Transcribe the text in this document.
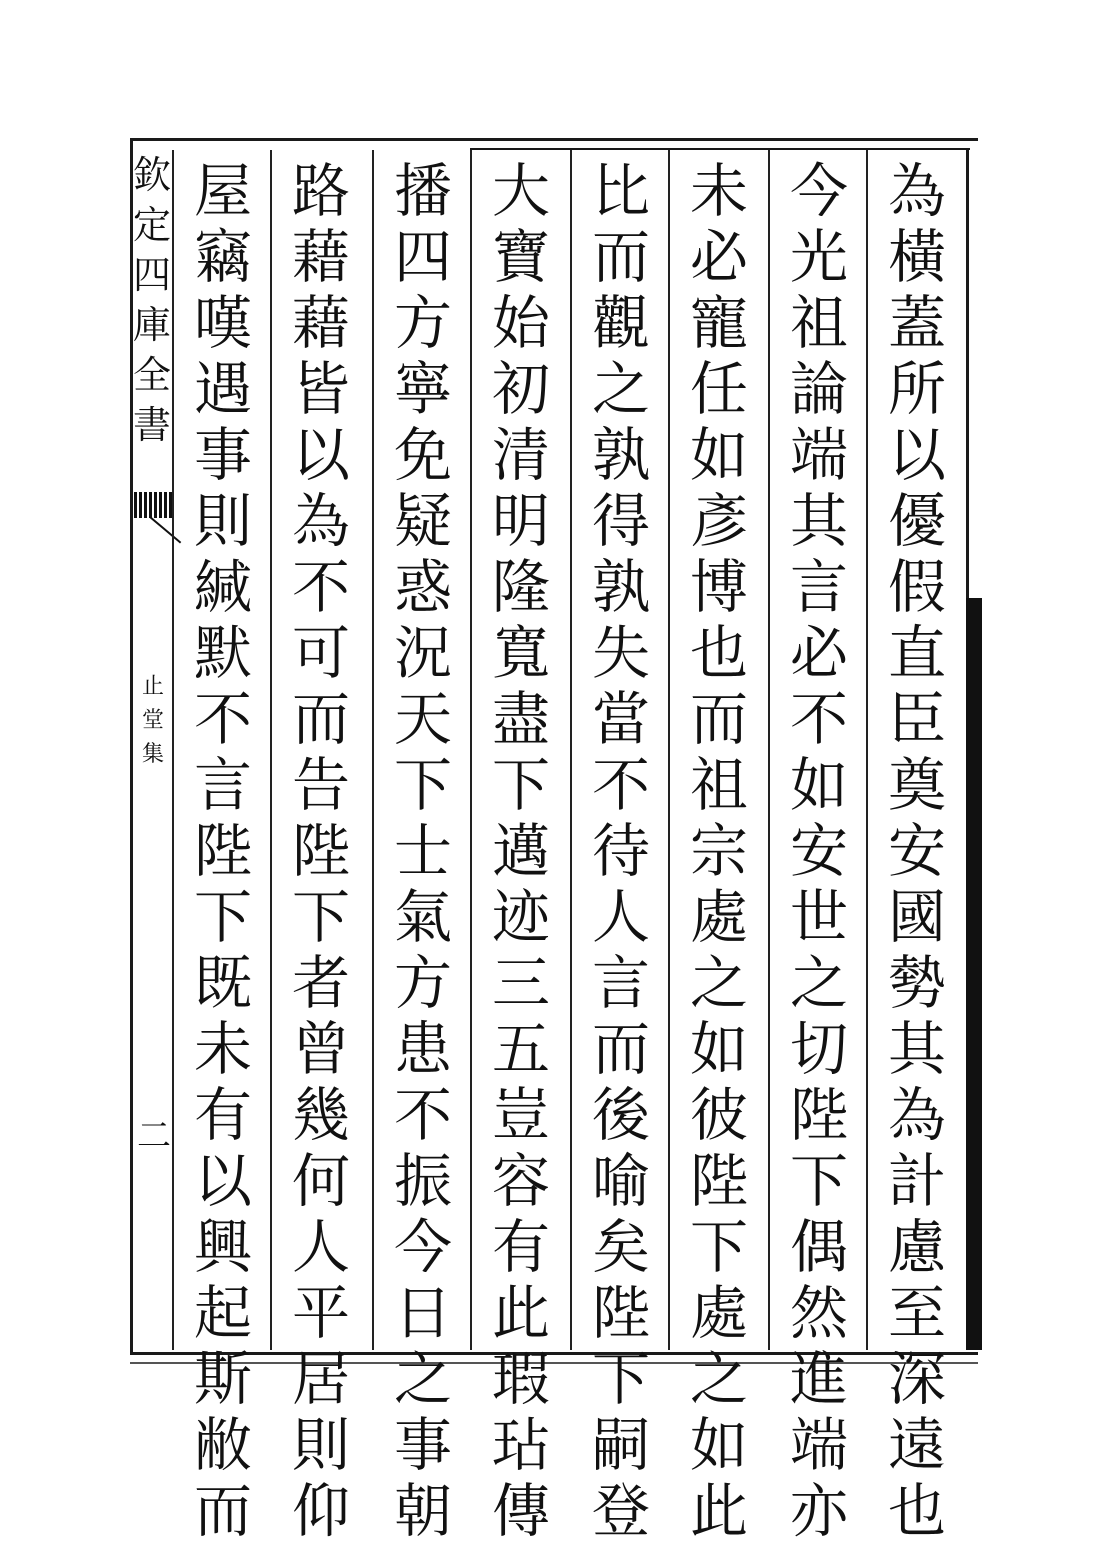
欽
定
四
庫
全
書
止
堂
集
二
為
橫
蓋
所
以
優
假
直
臣
奠
安
國
勢
其
為
計
慮
至
深
遠
也
今
光
祖
論
端
其
言
必
不
如
安
世
之
切
陛
下
偶
然
進
端
亦
未
必
寵
任
如
彥
博
也
而
祖
宗
處
之
如
彼
陛
下
處
之
如
此
比
而
觀
之
孰
得
孰
失
當
不
待
人
言
而
後
喻
矣
陛
下
嗣
登
大
寶
始
初
清
明
隆
寬
盡
下
邁
迹
三
五
豈
容
有
此
瑕
玷
傳
播
四
方
寧
免
疑
惑
況
天
下
士
氣
方
患
不
振
今
日
之
事
朝
路
藉
藉
皆
以
為
不
可
而
告
陛
下
者
曾
幾
何
人
平
居
則
仰
屋
竊
嘆
遇
事
則
緘
默
不
言
陛
下
既
未
有
以
興
起
斯
敝
而
